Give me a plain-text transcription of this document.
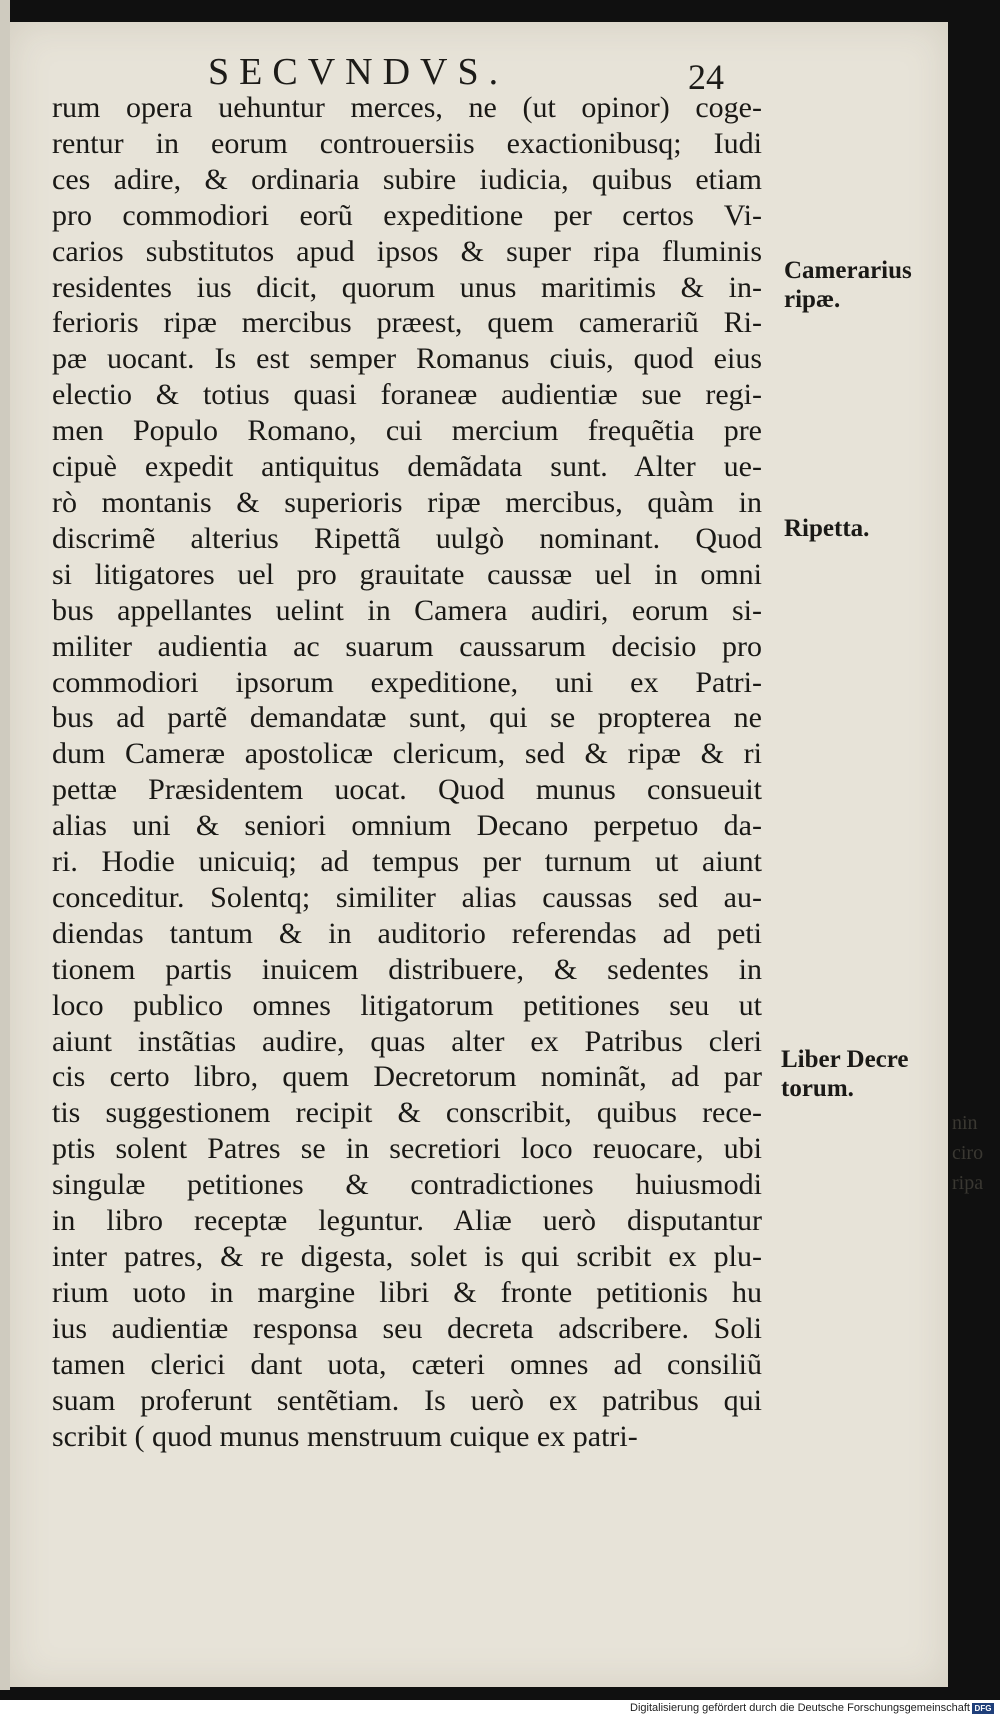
SECVNDVS.	24
rum opera uehuntur merces, ne (ut opinor) coge-
rentur in eorum controuersiis exactionibusq; Iudi
ces adire, & ordinaria subire iudicia, quibus etiam
pro commodiori eorũ expeditione per certos Vi-
carios substitutos apud ipsos & super ripa fluminis
residentes ius dicit, quorum unus maritimis & in-
ferioris ripæ mercibus præest, quem camerariũ Ri-
pæ uocant. Is est semper Romanus ciuis, quod eius
electio & totius quasi foraneæ audientiæ sue regi-
men Populo Romano, cui mercium frequẽtia pre
cipuè expedit antiquitus demãdata sunt. Alter ue-
rò montanis & superioris ripæ mercibus, quàm in
discrimẽ alterius Ripettã uulgò nominant. Quod
si litigatores uel pro grauitate caussæ uel in omni
bus appellantes uelint in Camera audiri, eorum si-
militer audientia ac suarum caussarum decisio pro
commodiori ipsorum expeditione, uni ex Patri-
bus ad partẽ demandatæ sunt, qui se propterea ne
dum Cameræ apostolicæ clericum, sed & ripæ & ri
pettæ Præsidentem uocat. Quod munus consueuit
alias uni & seniori omnium Decano perpetuo da-
ri. Hodie unicuiq; ad tempus per turnum ut aiunt
conceditur. Solentq; similiter alias caussas sed au-
diendas tantum & in auditorio referendas ad peti
tionem partis inuicem distribuere, & sedentes in
loco publico omnes litigatorum petitiones seu ut
aiunt instãtias audire, quas alter ex Patribus cleri
cis certo libro, quem Decretorum nominãt, ad par
tis suggestionem recipit & conscribit, quibus rece-
ptis solent Patres se in secretiori loco reuocare, ubi
singulæ petitiones & contradictiones huiusmodi
in libro receptæ leguntur. Aliæ uerò disputantur
inter patres, & re digesta, solet is qui scribit ex plu-
rium uoto in margine libri & fronte petitionis hu
ius audientiæ responsa seu decreta adscribere. Soli
tamen clerici dant uota, cæteri omnes ad consiliũ
suam proferunt sentẽtiam. Is uerò ex patribus qui
scribit ( quod munus menstruum cuique ex patri-
Camerarius
ripæ.
Ripetta.
Liber Decre
torum.
nin
ciro
ripa
Digitalisierung gefördert durch die Deutsche Forschungsgemeinschaft DFG
